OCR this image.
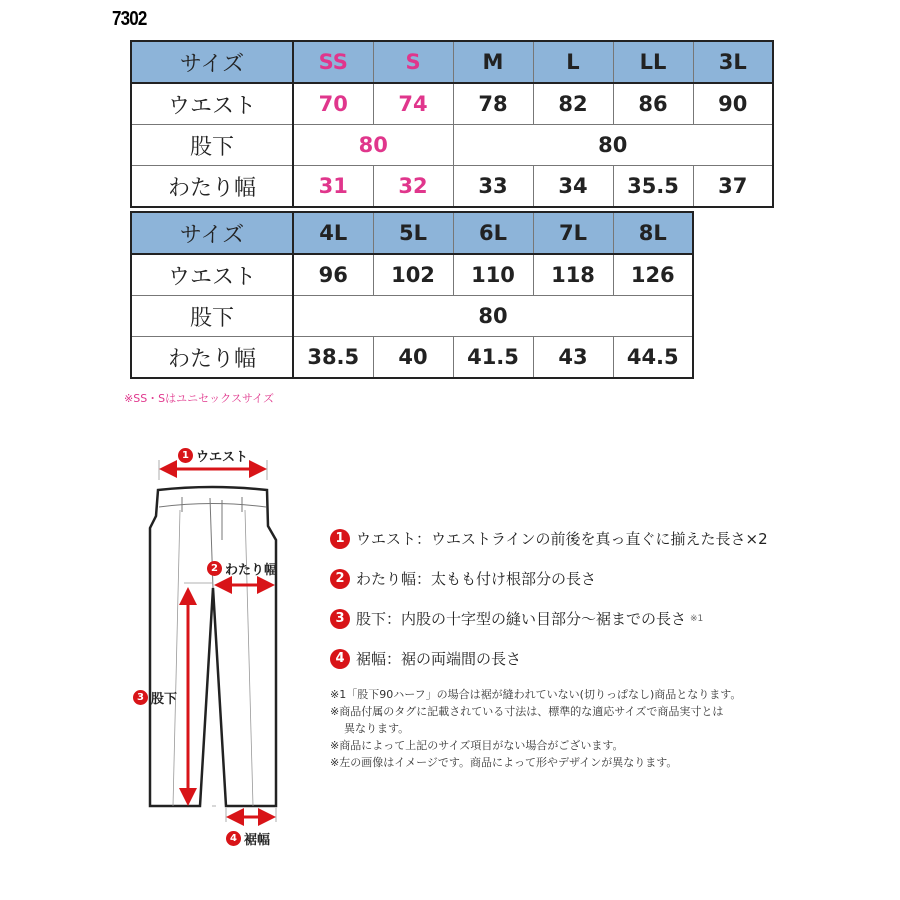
7302
サイズ	SS	S	M	L	LL	3L
ウエスト	70	74	78	82	86	90
股下	80		80			
わたり幅	31	32	33	34	35.5	37
サイズ	4L	5L	6L	7L	8L
ウエスト	96	102	110	118	126
股下	80				
わたり幅	38.5	40	41.5	43	44.5
※SS・Sはユニセックスサイズ
1 ウエスト
2 わたり幅
3 股下
4 裾幅
1 ウエスト：ウエストラインの前後を真っ直ぐに揃えた長さ×2
2 わたり幅：太もも付け根部分の長さ
3 股下：内股の十字型の縫い目部分〜裾までの長さ ※1
4 裾幅：裾の両端間の長さ
※1「股下90ハーフ」の場合は裾が縫われていない(切りっぱなし)商品となります。
※商品付属のタグに記載されている寸法は、標準的な適応サイズで商品実寸とは
異なります。
※商品によって上記のサイズ項目がない場合がございます。
※左の画像はイメージです。商品によって形やデザインが異なります。
